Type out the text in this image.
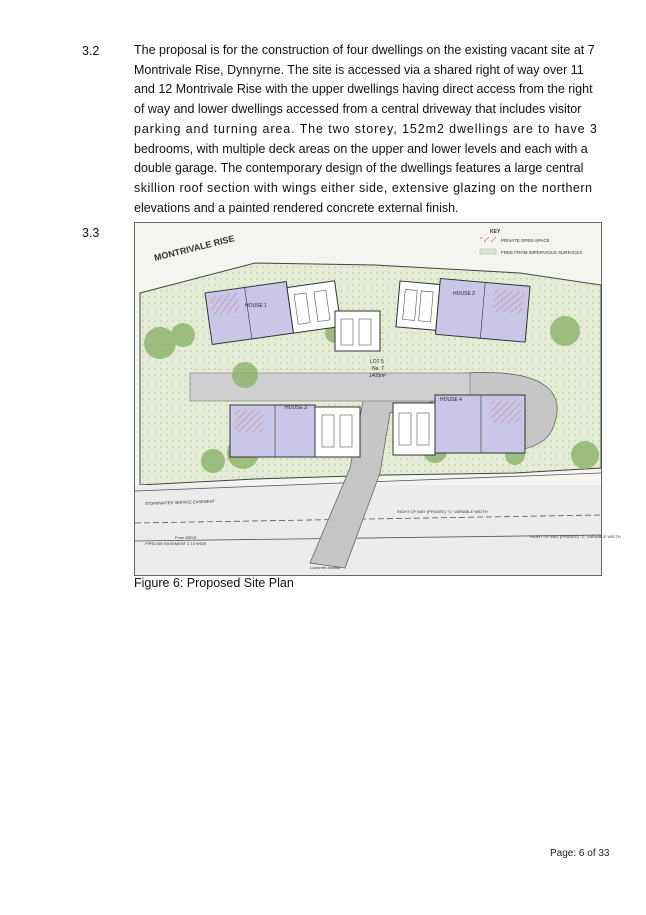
3.2	The proposal is for the construction of four dwellings on the existing vacant site at 7
Montrivale Rise, Dynnyrne. The site is accessed via a shared right of way over 11
and 12 Montrivale Rise with the upper dwellings having direct access from the right
of way and lower dwellings accessed from a central driveway that includes visitor
parking and turning area. The two storey, 152m2 dwellings are to have 3
bedrooms, with multiple deck areas on the upper and lower levels and each with a
double garage. The contemporary design of the dwellings features a large central
skillion roof section with wings either side, extensive glazing on the northern
elevations and a painted rendered concrete external finish.
3.3
MONTRIVALE RISE
KEY
PRIVATE OPEN SPACE
FREE FROM IMPERVIOUS SURFACES
HOUSE 1
HOUSE 2
HOUSE 3
HOUSE 4
LOT 5
No. 7
1405m²
STORMWATER SERVICE EASEMENT
PIPELINE EASEMENT 2.10 WIDE
RIGHT OF WAY (PRIVATE) "C" VARIABLE WIDTH
RIGHT OF WAY (PRIVATE) "C" VARIABLE WIDTH
Concrete access
From DBYD
Figure 6: Proposed Site Plan
Page: 6 of 33
